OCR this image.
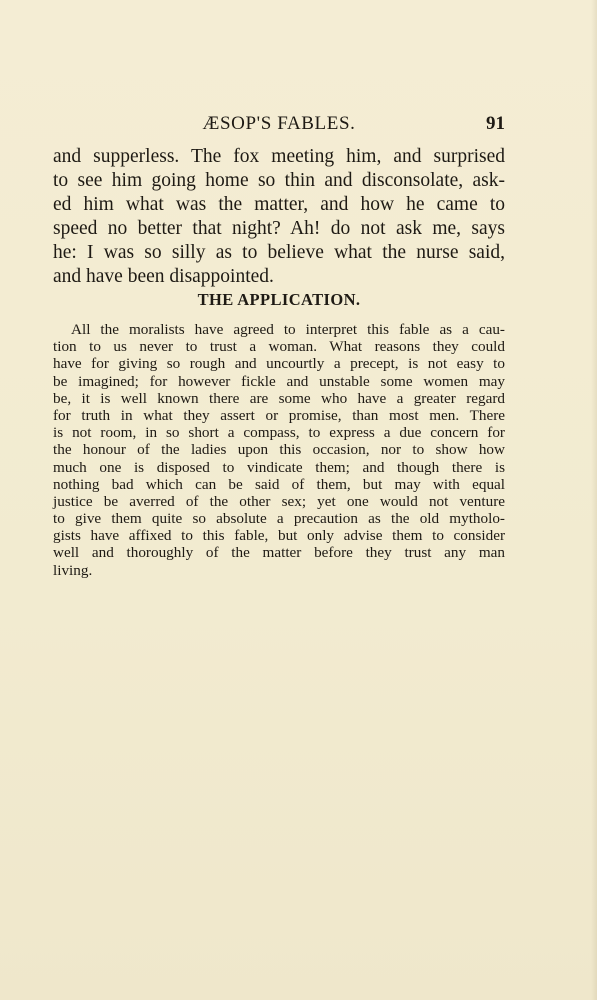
ÆSOP'S FABLES.	91
and supperless. The fox meeting him, and surprised
to see him going home so thin and disconsolate, ask-
ed him what was the matter, and how he came to
speed no better that night? Ah! do not ask me, says
he: I was so silly as to believe what the nurse said,
and have been disappointed.
THE APPLICATION.
All the moralists have agreed to interpret this fable as a cau-
tion to us never to trust a woman. What reasons they could
have for giving so rough and uncourtly a precept, is not easy to
be imagined; for however fickle and unstable some women may
be, it is well known there are some who have a greater regard
for truth in what they assert or promise, than most men. There
is not room, in so short a compass, to express a due concern for
the honour of the ladies upon this occasion, nor to show how
much one is disposed to vindicate them; and though there is
nothing bad which can be said of them, but may with equal
justice be averred of the other sex; yet one would not venture
to give them quite so absolute a precaution as the old mytholo-
gists have affixed to this fable, but only advise them to consider
well and thoroughly of the matter before they trust any man
living.
